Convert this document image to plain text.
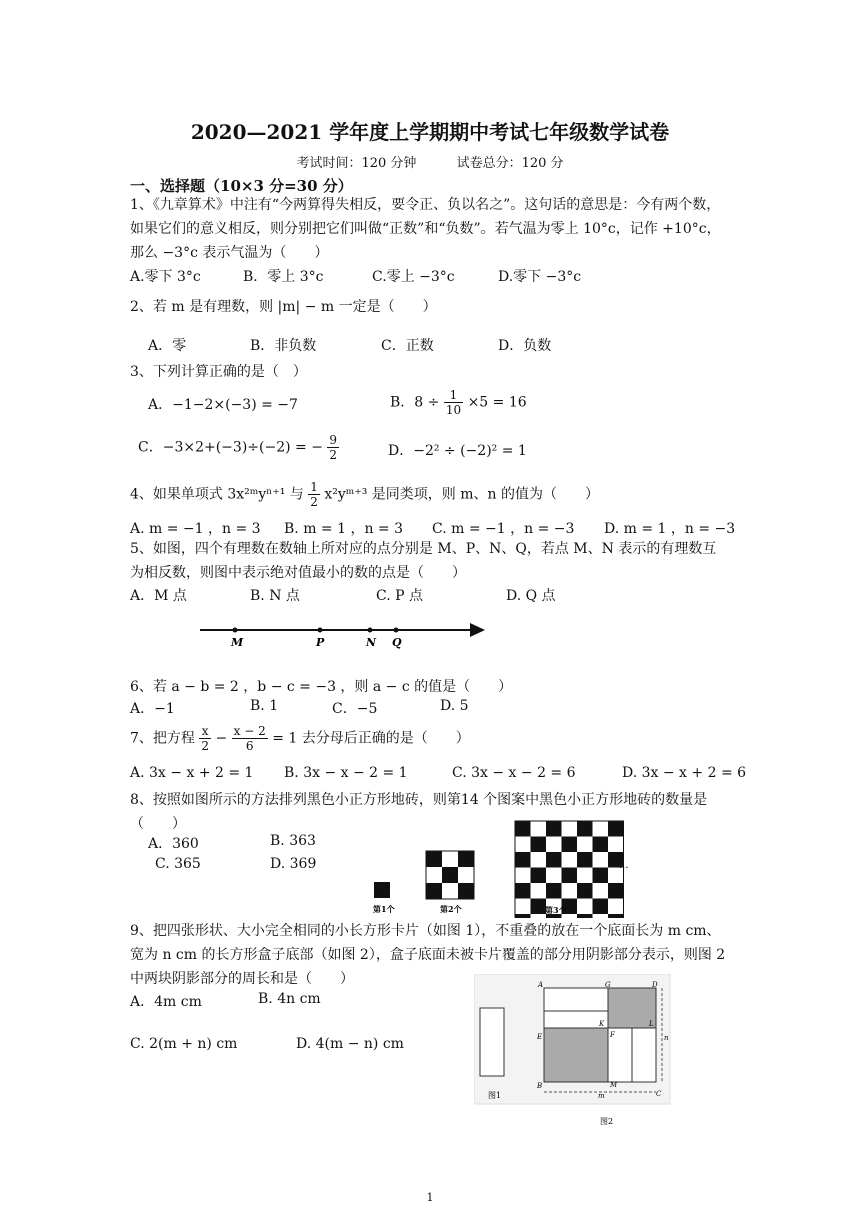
2020—2021 学年度上学期期中考试七年级数学试卷
考试时间：120 分钟	试卷总分：120 分
一、选择题（10×3 分=30 分）
1、《九章算术》中注有“今两算得失相反，要令正、负以名之”。这句话的意思是：今有两个数，如果它们的意义相反，则分别把它们叫做“正数”和“负数”。若气温为零上 10°c，记作 +10°c，那么 −3°c 表示气温为（　　）
A.零下 3°c	B．零上 3°c	C.零上 −3°c	D.零下 −3°c
2、若 m 是有理数，则 |m| − m 一定是（　　）
A．零	B．非负数	C．正数	D．负数
3、下列计算正确的是（　）
A．−1−2×(−3) = −7	B．$8 \div \frac{1}{10} \times 5 = 16$
C．−3×2+(−3)÷(−2) = − $\frac{9}{2}$	D．−2² ÷ (−2)² = 1
4、如果单项式 3x²ᵐyⁿ⁺¹ 与 $\frac{1}{2}$ x²yᵐ⁺³ 是同类项，则 m、n 的值为（　　）
A. m = −1 ，n = 3 B. m = 1 ，n = 3 C. m = −1 ，n = −3 D. m = 1 ，n = −3
5、如图，四个有理数在数轴上所对应的点分别是 M、P、N、Q，若点 M、N 表示的有理数互为相反数，则图中表示绝对值最小的数的点是（　　）
A．M 点	B. N 点	C. P 点	D. Q 点
M	P	N Q
6、若 a − b = 2 ，b − c = −3 ，则 a − c 的值是（　　）
A．−1	B. 1	C．−5	D. 5
7、把方程 $\frac{x}{2} - \frac{x - 2}{6} = 1$ 去分母后正确的是（　　）
A. 3x − x + 2 = 1 B. 3x − x − 2 = 1	C. 3x − x − 2 = 6	D. 3x − x + 2 = 6
8、按照如图所示的方法排列黑色小正方形地砖，则第14 个图案中黑色小正方形地砖的数量是（　　）
A．360	B. 363
C. 365	D. 369
第1个	第2个	第3个
···
9、把四张形状、大小完全相同的小长方形卡片（如图 1），不重叠的放在一个底面长为 m cm、宽为 n cm 的长方形盒子底部（如图 2），盒子底面未被卡片覆盖的部分用阴影部分表示，则图 2 中两块阴影部分的周长和是（　　）
A．4m cm	B. 4n cm
C. 2(m + n) cm	D. 4(m − n) cm
图1
A	G	D
K	L
E	F
B	M
C
m
n
图2
1
